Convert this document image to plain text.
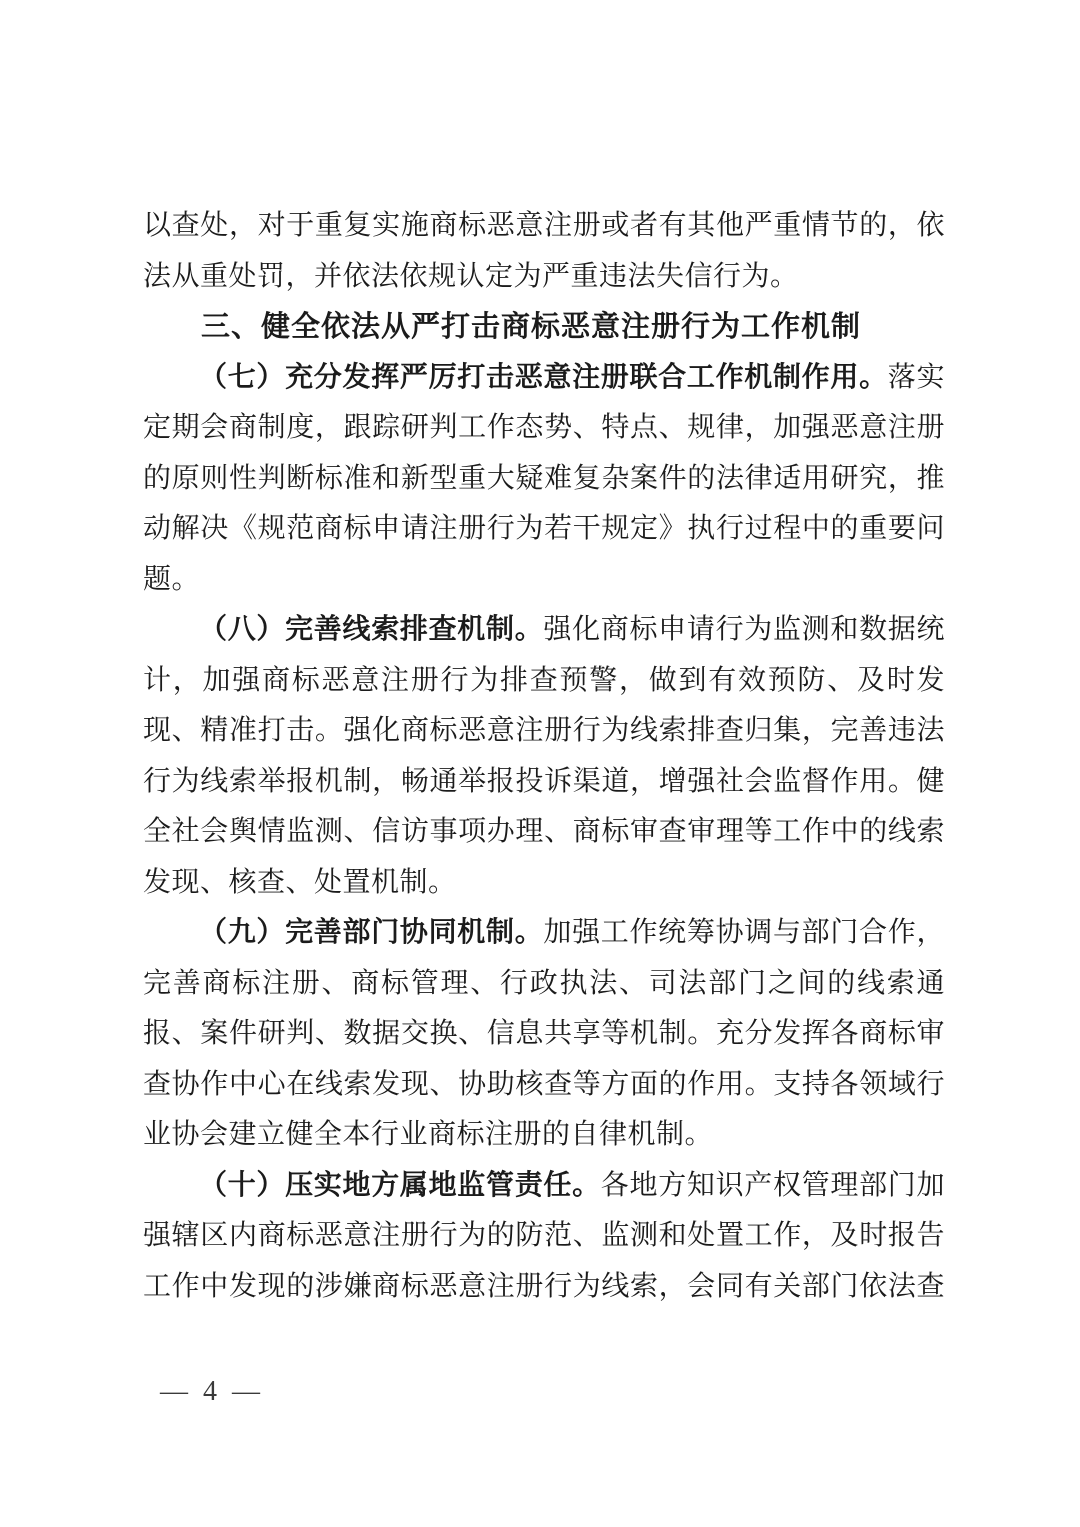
以查处，对于重复实施商标恶意注册或者有其他严重情节的，依法从重处罚，并依法依规认定为严重违法失信行为。

三、健全依法从严打击商标恶意注册行为工作机制

（七）充分发挥严厉打击恶意注册联合工作机制作用。落实定期会商制度，跟踪研判工作态势、特点、规律，加强恶意注册的原则性判断标准和新型重大疑难复杂案件的法律适用研究，推动解决《规范商标申请注册行为若干规定》执行过程中的重要问题。

（八）完善线索排查机制。强化商标申请行为监测和数据统计，加强商标恶意注册行为排查预警，做到有效预防、及时发现、精准打击。强化商标恶意注册行为线索排查归集，完善违法行为线索举报机制，畅通举报投诉渠道，增强社会监督作用。健全社会舆情监测、信访事项办理、商标审查审理等工作中的线索发现、核查、处置机制。

（九）完善部门协同机制。加强工作统筹协调与部门合作，完善商标注册、商标管理、行政执法、司法部门之间的线索通报、案件研判、数据交换、信息共享等机制。充分发挥各商标审查协作中心在线索发现、协助核查等方面的作用。支持各领域行业协会建立健全本行业商标注册的自律机制。

（十）压实地方属地监管责任。各地方知识产权管理部门加强辖区内商标恶意注册行为的防范、监测和处置工作，及时报告工作中发现的涉嫌商标恶意注册行为线索，会同有关部门依法查

— 4 —
